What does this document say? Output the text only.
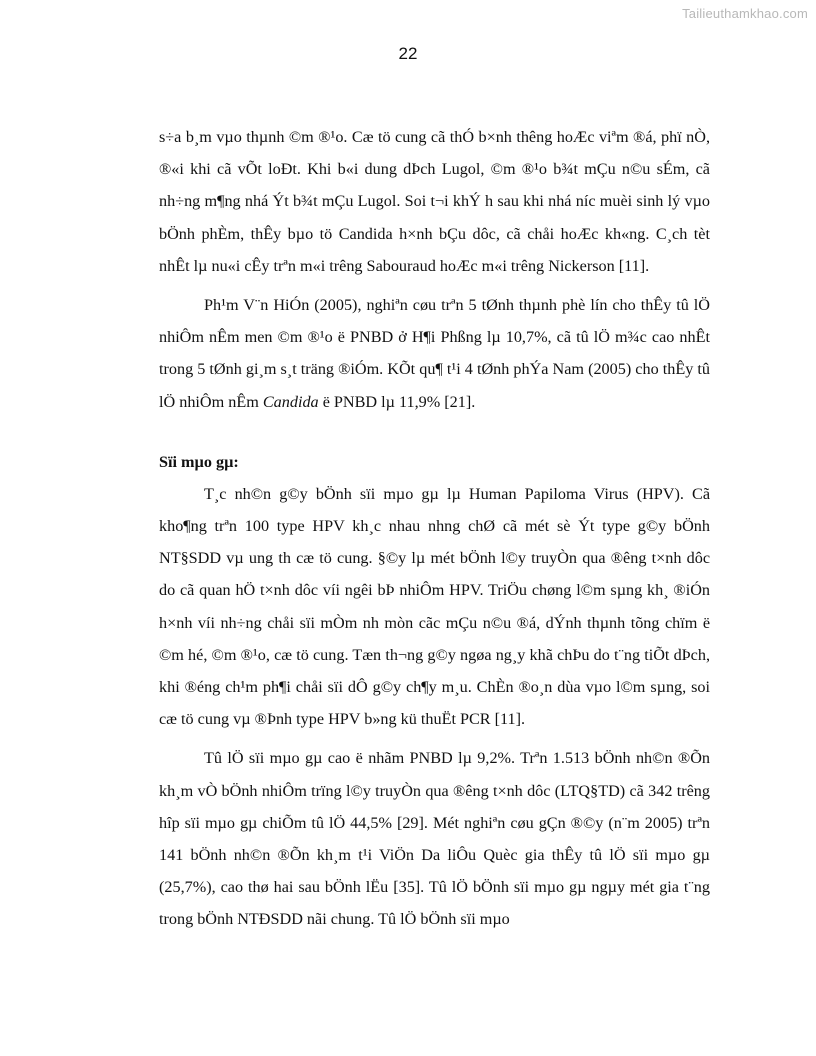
Tailieuthamkhao.com
22

s÷a b¸m vµo thµnh ©m ®¹o. Cæ tö cung cã thÓ b×nh thêng hoÆc viªm ®á, phï nÒ, ®«i khi cã vÕt loÐt. Khi b«i dung dÞch Lugol, ©m ®¹o b¾t mÇu n©u sÉm, cã nh÷ng m¶ng nhá Ýt b¾t mÇu Lugol. Soi t¬i khÝ h sau khi nhá níc muèi sinh lý vµo bÖnh phÈm, thÊy bµo tö Candida h×nh bÇu dôc, cã chåi hoÆc kh«ng. C¸ch tèt nhÊt lµ nu«i cÊy trªn m«i trêng Sabouraud hoÆc m«i trêng Nickerson [11].

Ph¹m V¨n HiÓn (2005), nghiªn cøu trªn 5 tØnh thµnh phè lín cho thÊy tû lÖ nhiÔm nÊm men ©m ®¹o ë PNBD ở H¶i Phßng lµ 10,7%, cã tû lÖ m¾c cao nhÊt trong 5 tØnh gi¸m s¸t träng ®iÓm. KÕt qu¶ t¹i 4 tØnh phÝa Nam (2005) cho thÊy tû lÖ nhiÔm nÊm Candida ë PNBD lµ 11,9% [21].

Sïi mµo gµ:

T¸c nh©n g©y bÖnh sïi mµo gµ lµ Human Papiloma Virus (HPV). Cã kho¶ng trªn 100 type HPV kh¸c nhau nhng chØ cã mét sè Ýt type g©y bÖnh NT§SDD vµ ung th cæ tö cung. §©y lµ mét bÖnh l©y truyÒn qua ®êng t×nh dôc do cã quan hÖ t×nh dôc víi ngêi bÞ nhiÔm HPV. TriÖu chøng l©m sµng kh¸ ®iÓn h×nh víi nh÷ng chåi sïi mÒm nh mòn cãc mÇu n©u ®á, dÝnh thµnh tõng chïm ë ©m hé, ©m ®¹o, cæ tö cung. Tæn th¬ng g©y ngøa ng¸y khã chÞu do t¨ng tiÕt dÞch, khi ®éng ch¹m ph¶i chåi sïi dÔ g©y ch¶y m¸u. ChÈn ®o¸n dùa vµo l©m sµng, soi cæ tö cung vµ ®Þnh type HPV b»ng kü thuËt PCR [11].

Tû lÖ sïi mµo gµ cao ë nhãm PNBD lµ 9,2%. Trªn 1.513 bÖnh nh©n ®Õn kh¸m vÒ bÖnh nhiÔm trïng l©y truyÒn qua ®êng t×nh dôc (LTQ§TD) cã 342 trêng hîp sïi mµo gµ chiÕm tû lÖ 44,5% [29]. Mét nghiªn cøu gÇn ®©y (n¨m 2005) trªn 141 bÖnh nh©n ®Õn kh¸m t¹i ViÖn Da liÔu Quèc gia thÊy tû lÖ sïi mµo gµ (25,7%), cao thø hai sau bÖnh lËu [35]. Tû lÖ bÖnh sïi mµo gµ ngµy mét gia t¨ng trong bÖnh NTĐSDD nãi chung. Tû lÖ bÖnh sïi mµo
